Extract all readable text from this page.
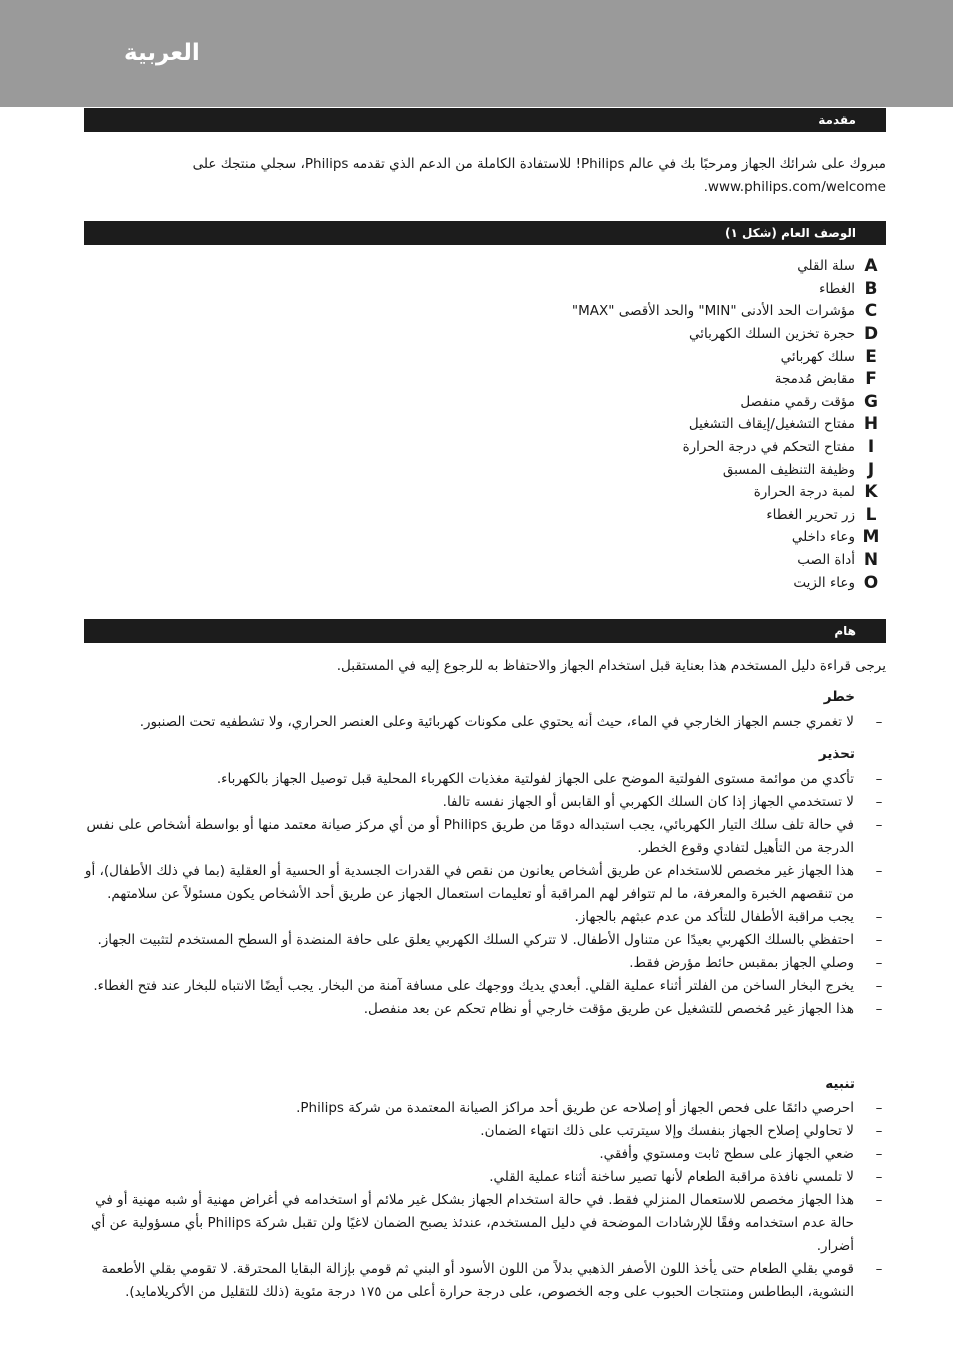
العربية
مقدمة
مبروك على شرائك الجهاز ومرحبًا بك في عالم Philips! للاستفادة الكاملة من الدعم الذي تقدمه Philips، سجلي منتجك على www.philips.com/welcome.
الوصف العام (شكل ١)
A
سلة القلي
B
الغطاء
C
مؤشرات الحد الأدنى "MIN" والحد الأقصى "MAX"
D
حجرة تخزين السلك الكهربائي
E
سلك كهربائي
F
مقابض مُدمجة
G
مؤقت رقمي منفصل
H
مفتاح التشغيل/إيقاف التشغيل
I
مفتاح التحكم في درجة الحرارة
J
وظيفة التنظيف المسبق
K
لمبة درجة الحرارة
L
زر تحرير الغطاء
M
وعاء داخلي
N
أداة الصب
O
وعاء الزيت
هام
يرجى قراءة دليل المستخدم هذا بعناية قبل استخدام الجهاز والاحتفاظ به للرجوع إليه في المستقبل.
خطر
–
لا تغمري جسم الجهاز الخارجي في الماء، حيث أنه يحتوي على مكونات كهربائية وعلى العنصر الحراري، ولا تشطفيه تحت الصنبور.
تحذير
–
تأكدي من موائمة مستوى الفولتية الموضح على الجهاز لفولتية مغذيات الكهرباء المحلية قبل توصيل الجهاز بالكهرباء.
–
لا تستخدمي الجهاز إذا كان السلك الكهربي أو القابس أو الجهاز نفسه تالفا.
–
في حالة تلف سلك التيار الكهربائي، يجب استبداله دومًا من طريق Philips أو من أي مركز صيانة معتمد منها أو بواسطة أشخاص على نفس الدرجة من التأهيل لتفادي وقوع الخطر.
–
هذا الجهاز غير مخصص للاستخدام عن طريق أشخاص يعانون من نقص في القدرات الجسدية أو الحسية أو العقلية (بما في ذلك الأطفال)، أو من تنقصهم الخبرة والمعرفة، ما لم تتوافر لهم المراقبة أو تعليمات استعمال الجهاز عن طريق أحد الأشخاص يكون مسئولاً عن سلامتهم.
–
يجب مراقبة الأطفال للتأكد من عدم عبثهم بالجهاز.
–
احتفظي بالسلك الكهربي بعيدًا عن متناول الأطفال. لا تتركي السلك الكهربي يعلق على حافة المنضدة أو السطح المستخدم لتثبيت الجهاز.
–
وصلي الجهاز بمقبس حائط مؤرض فقط.
–
يخرج البخار الساخن من الفلتر أثناء عملية القلي. أبعدي يديك ووجهك على مسافة آمنة من البخار. يجب أيضًا الانتباه للبخار عند فتح الغطاء.
–
هذا الجهاز غير مُخصص للتشغيل عن طريق مؤقت خارجي أو نظام تحكم عن بعد منفصل.
تنبيه
–
احرصي دائمًا على فحص الجهاز أو إصلاحه عن طريق أحد مراكز الصيانة المعتمدة من شركة Philips.
–
لا تحاولي إصلاح الجهاز بنفسك وإلا سيترتب على ذلك انتهاء الضمان.
–
ضعي الجهاز على سطح ثابت ومستوي وأفقي.
–
لا تلمسي نافذة مراقبة الطعام لأنها تصير ساخنة أثناء عملية القلي.
–
هذا الجهاز مخصص للاستعمال المنزلي فقط. في حالة استخدام الجهاز بشكل غير ملائم أو استخدامه في أغراض مهنية أو شبه مهنية أو في حالة عدم استخدامه وفقًا للإرشادات الموضحة في دليل المستخدم، عندئذ يصبح الضمان لاغيًا ولن تقبل شركة Philips بأي مسؤولية عن أي أضرار.
–
قومي بقلي الطعام حتى يأخذ اللون الأصفر الذهبي بدلاً من اللون الأسود أو البني ثم قومي بإزالة البقايا المحترقة. لا تقومي بقلي الأطعمة النشوية، البطاطس ومنتجات الحبوب على وجه الخصوص، على درجة حرارة أعلى من ١٧٥ درجة مئوية (ذلك للتقليل من الأكريلامايد).
